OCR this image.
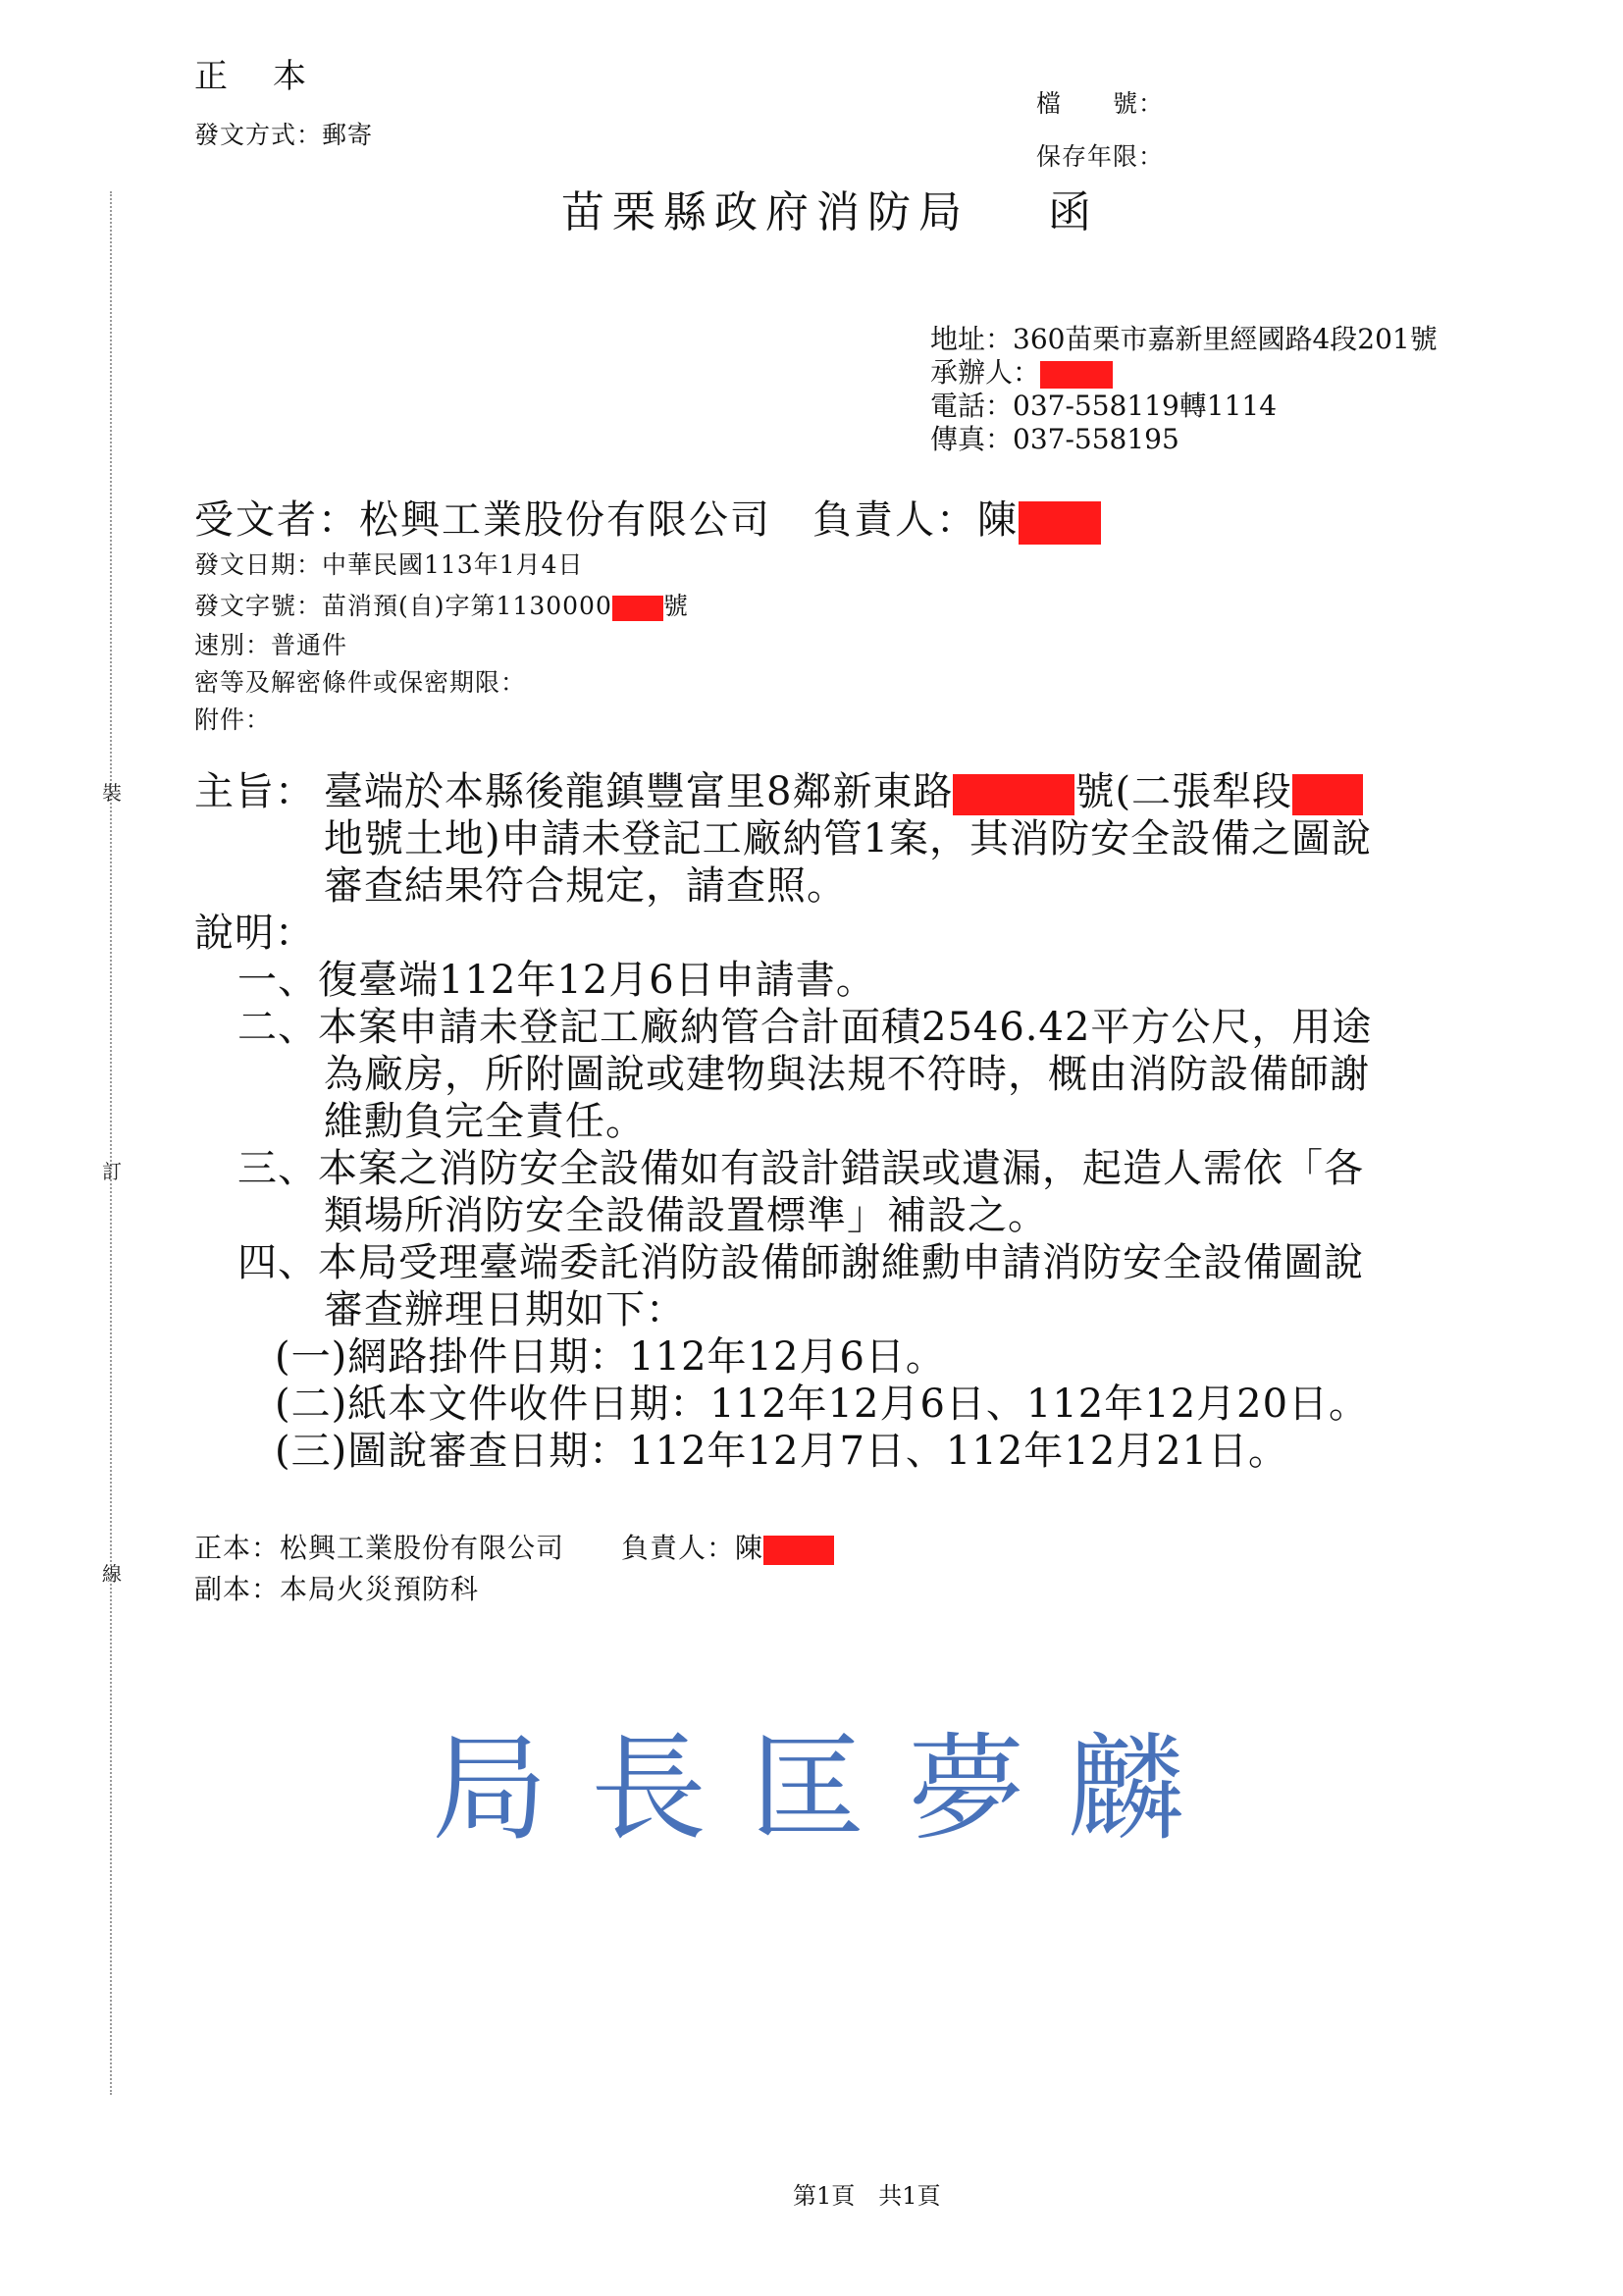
裝
訂
線
正　本
發文方式：郵寄
檔　　號：
保存年限：
苗栗縣政府消防局 函
地址：360苗栗市嘉新里經國路4段201號
承辦人：
電話：037-558119轉1114
傳真：037-558195
受文者：松興工業股份有限公司　負責人：陳
發文日期：中華民國113年1月4日
發文字號：苗消預(自)字第1130000 號
速別：普通件
密等及解密條件或保密期限：
附件：
主旨： 臺端於本縣後龍鎮豐富里8鄰新東路	號(二張犁段
地號土地)申請未登記工廠納管1案，其消防安全設備之圖說
審查結果符合規定，請查照。
說明：
一、復臺端112年12月6日申請書。
二、本案申請未登記工廠納管合計面積2546.42平方公尺，用途
為廠房，所附圖說或建物與法規不符時，概由消防設備師謝
維勳負完全責任。
三、本案之消防安全設備如有設計錯誤或遺漏，起造人需依「各
類場所消防安全設備設置標準」補設之。
四、本局受理臺端委託消防設備師謝維勳申請消防安全設備圖說
審查辦理日期如下：
(一)網路掛件日期：112年12月6日。
(二)紙本文件收件日期：112年12月6日、112年12月20日。
(三)圖說審查日期：112年12月7日、112年12月21日。
正本：松興工業股份有限公司　　負責人：陳
副本：本局火災預防科
局長匡夢麟
第1頁　共1頁
